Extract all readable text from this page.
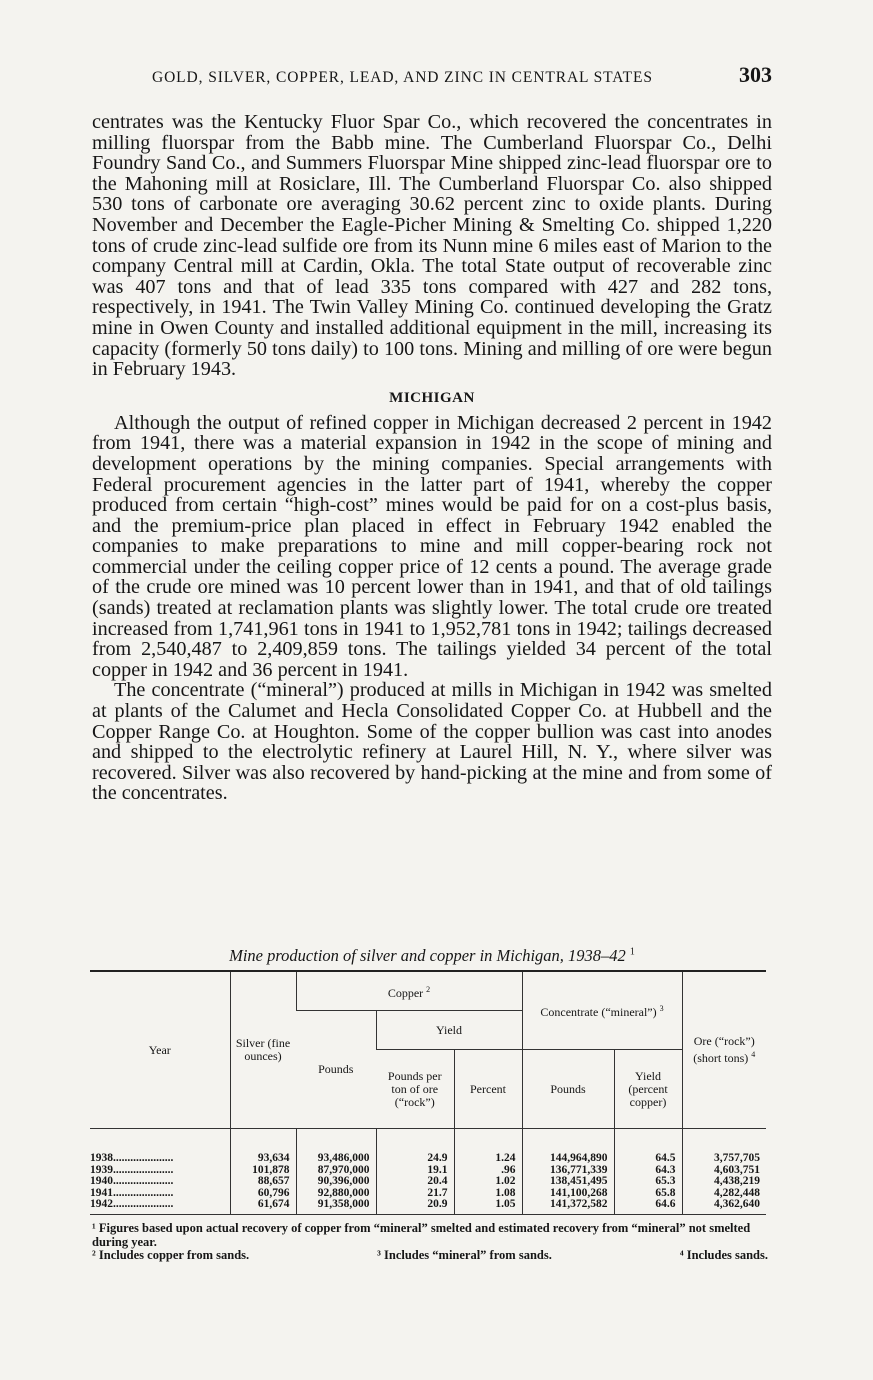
GOLD, SILVER, COPPER, LEAD, AND ZINC IN CENTRAL STATES	303

centrates was the Kentucky Fluor Spar Co., which recovered the concentrates in milling fluorspar from the Babb mine. The Cumberland Fluorspar Co., Delhi Foundry Sand Co., and Summers Fluorspar Mine shipped zinc-lead fluorspar ore to the Mahoning mill at Rosiclare, Ill. The Cumberland Fluorspar Co. also shipped 530 tons of carbonate ore averaging 30.62 percent zinc to oxide plants. During November and December the Eagle-Picher Mining & Smelting Co. shipped 1,220 tons of crude zinc-lead sulfide ore from its Nunn mine 6 miles east of Marion to the company Central mill at Cardin, Okla. The total State output of recoverable zinc was 407 tons and that of lead 335 tons compared with 427 and 282 tons, respectively, in 1941. The Twin Valley Mining Co. continued developing the Gratz mine in Owen County and installed additional equipment in the mill, increasing its capacity (formerly 50 tons daily) to 100 tons. Mining and milling of ore were begun in February 1943.

MICHIGAN

Although the output of refined copper in Michigan decreased 2 percent in 1942 from 1941, there was a material expansion in 1942 in the scope of mining and development operations by the mining companies. Special arrangements with Federal procurement agencies in the latter part of 1941, whereby the copper produced from certain “high-cost” mines would be paid for on a cost-plus basis, and the premium-price plan placed in effect in February 1942 enabled the companies to make preparations to mine and mill copper-bearing rock not commercial under the ceiling copper price of 12 cents a pound. The average grade of the crude ore mined was 10 percent lower than in 1941, and that of old tailings (sands) treated at reclamation plants was slightly lower. The total crude ore treated increased from 1,741,961 tons in 1941 to 1,952,781 tons in 1942; tailings decreased from 2,540,487 to 2,409,859 tons. The tailings yielded 34 percent of the total copper in 1942 and 36 percent in 1941.

The concentrate (“mineral”) produced at mills in Michigan in 1942 was smelted at plants of the Calumet and Hecla Consolidated Copper Co. at Hubbell and the Copper Range Co. at Houghton. Some of the copper bullion was cast into anodes and shipped to the electrolytic refinery at Laurel Hill, N. Y., where silver was recovered. Silver was also recovered by hand-picking at the mine and from some of the concentrates.

Mine production of silver and copper in Michigan, 1938–42 $^1$
Year	Silver (fine ounces)	Copper $^2$			Concentrate (“mineral”) $^3$		Ore (“rock”) (short tons) $^4$
		Pounds	Yield				
			Pounds per ton of ore (“rock”)	Percent	Pounds	Yield (percent copper)	
1938.....................	93,634	93,486,000	24.9	1.24	144,964,890	64.5	3,757,705
1939.....................	101,878	87,970,000	19.1	.96	136,771,339	64.3	4,603,751
1940.....................	88,657	90,396,000	20.4	1.02	138,451,495	65.3	4,438,219
1941.....................	60,796	92,880,000	21.7	1.08	141,100,268	65.8	4,282,448
1942.....................	61,674	91,358,000	20.9	1.05	141,372,582	64.6	4,362,640

¹ Figures based upon actual recovery of copper from “mineral” smelted and estimated recovery from “mineral” not smelted during year.

² Includes copper from sands.	³ Includes “mineral” from sands.	⁴ Includes sands.
